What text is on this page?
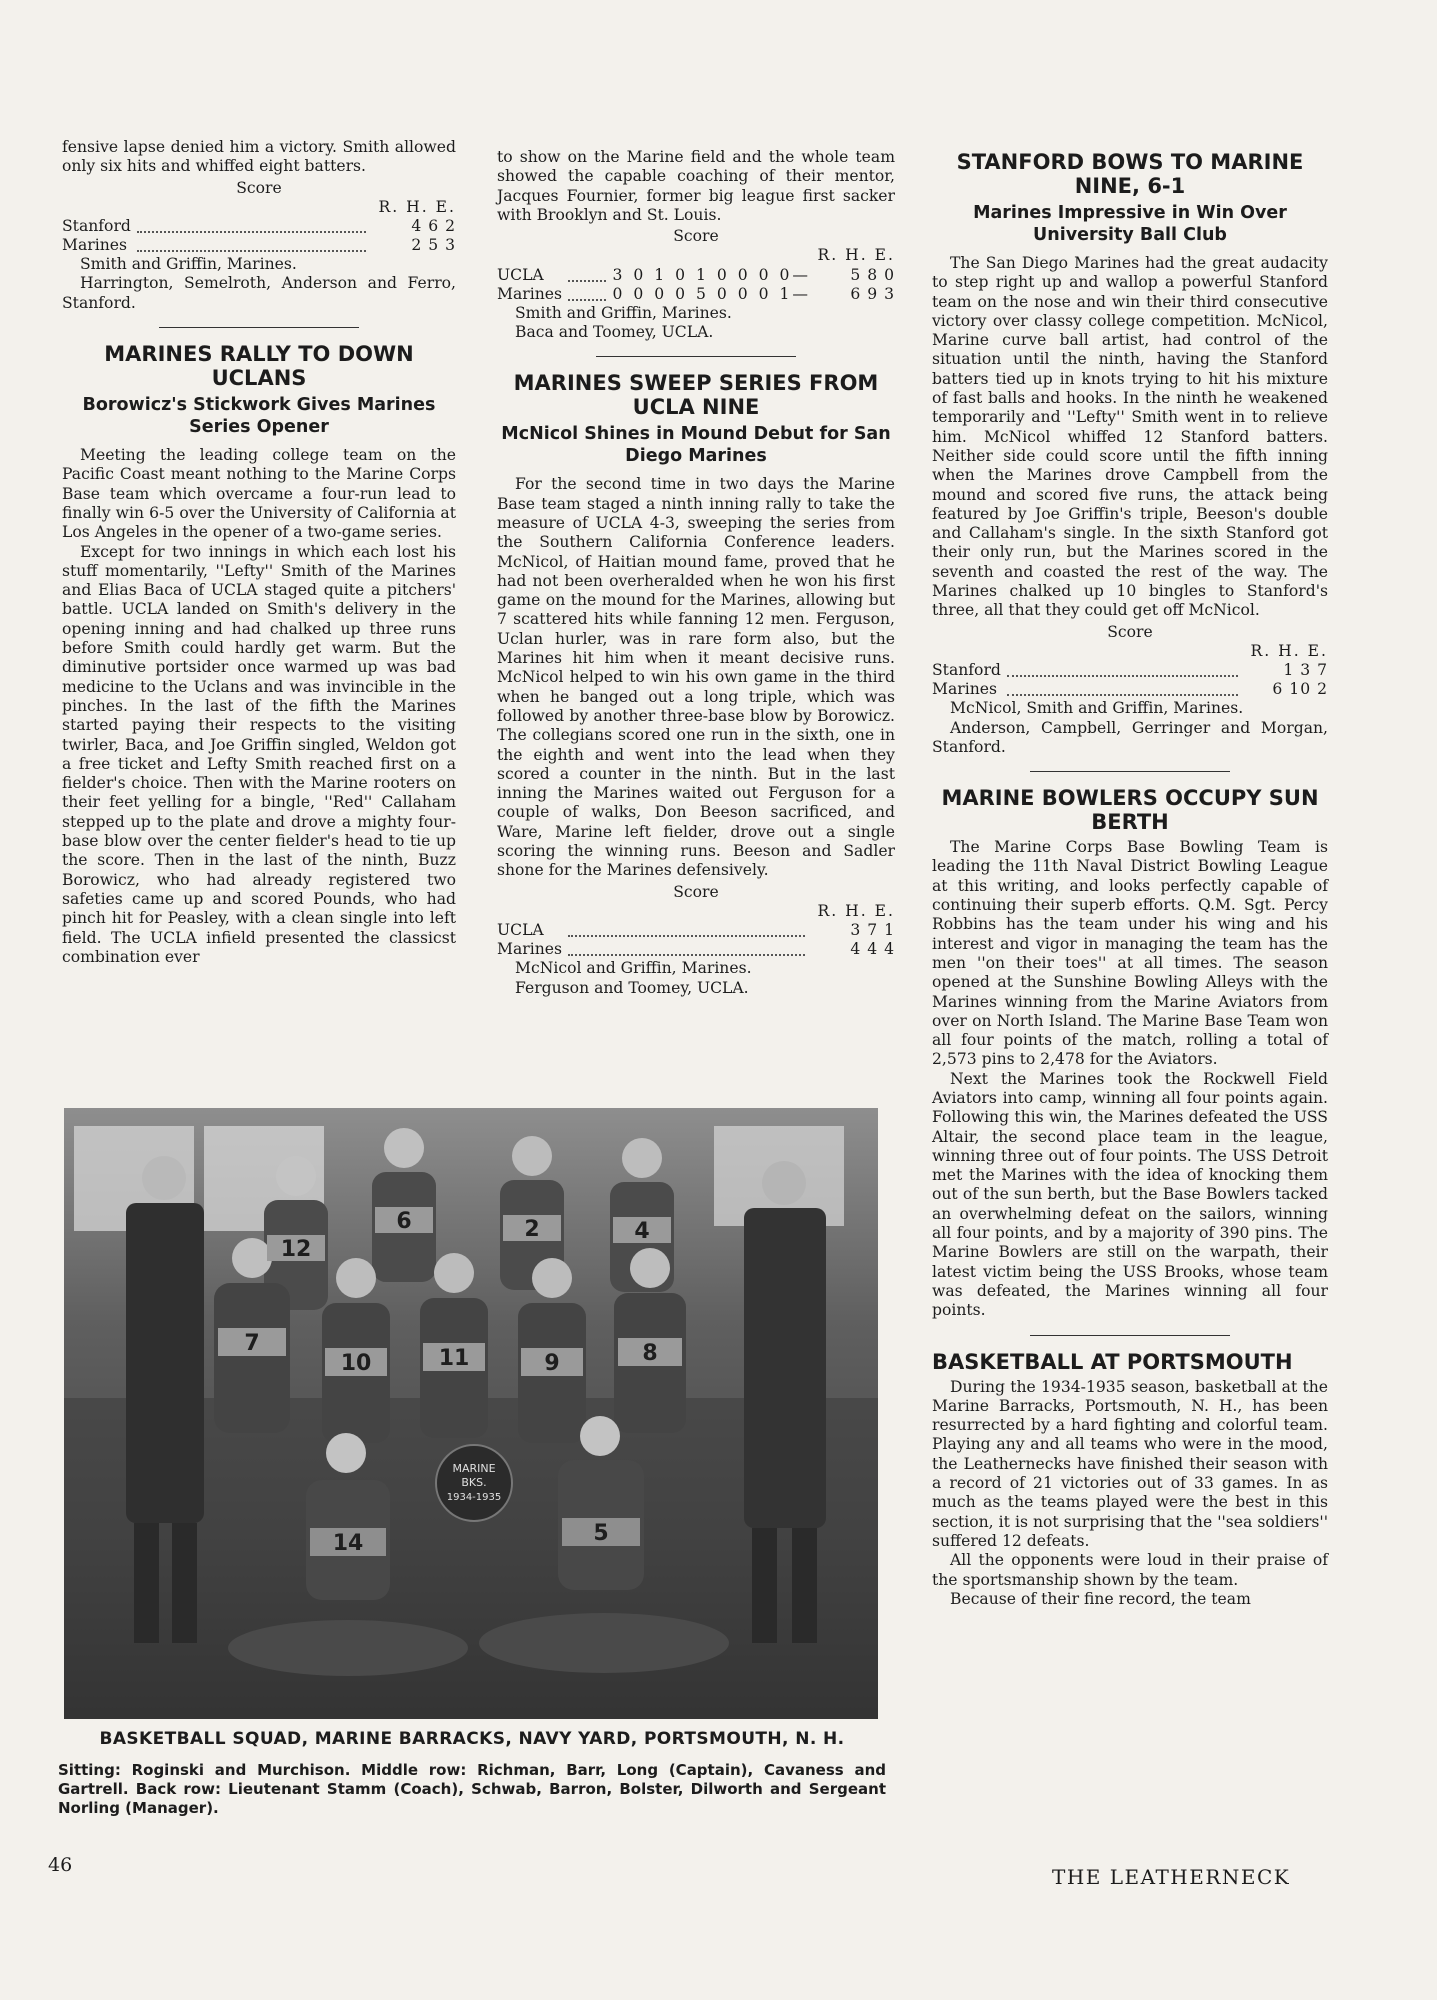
fensive lapse denied him a victory. Smith allowed only six hits and whiffed eight batters.

Score
R. H. E.
Stanford		4 6 2
Marines		2 5 3

Smith and Griffin, Marines.

Harrington, Semelroth, Anderson and Ferro, Stanford.

MARINES RALLY TO DOWN UCLANS
Borowicz's Stickwork Gives Marines Series Opener

Meeting the leading college team on the Pacific Coast meant nothing to the Marine Corps Base team which overcame a four-run lead to finally win 6-5 over the University of California at Los Angeles in the opener of a two-game series.

Except for two innings in which each lost his stuff momentarily, ''Lefty'' Smith of the Marines and Elias Baca of UCLA staged quite a pitchers' battle. UCLA landed on Smith's delivery in the opening inning and had chalked up three runs before Smith could hardly get warm. But the diminutive portsider once warmed up was bad medicine to the Uclans and was invincible in the pinches. In the last of the fifth the Marines started paying their respects to the visiting twirler, Baca, and Joe Griffin singled, Weldon got a free ticket and Lefty Smith reached first on a fielder's choice. Then with the Marine rooters on their feet yelling for a bingle, ''Red'' Callaham stepped up to the plate and drove a mighty four-base blow over the center fielder's head to tie up the score. Then in the last of the ninth, Buzz Borowicz, who had already registered two safeties came up and scored Pounds, who had pinch hit for Peasley, with a clean single into left field. The UCLA infield presented the classicst combination ever

to show on the Marine field and the whole team showed the capable coaching of their mentor, Jacques Fournier, former big league first sacker with Brooklyn and St. Louis.

Score
R. H. E.
UCLA		3 0 1 0 1 0 0 0 0—	5 8 0
Marines		0 0 0 0 5 0 0 0 1—	6 9 3

Smith and Griffin, Marines.

Baca and Toomey, UCLA.

MARINES SWEEP SERIES FROM UCLA NINE
McNicol Shines in Mound Debut for San Diego Marines

For the second time in two days the Marine Base team staged a ninth inning rally to take the measure of UCLA 4-3, sweeping the series from the Southern California Conference leaders. McNicol, of Haitian mound fame, proved that he had not been overheralded when he won his first game on the mound for the Marines, allowing but 7 scattered hits while fanning 12 men. Ferguson, Uclan hurler, was in rare form also, but the Marines hit him when it meant decisive runs. McNicol helped to win his own game in the third when he banged out a long triple, which was followed by another three-base blow by Borowicz. The collegians scored one run in the sixth, one in the eighth and went into the lead when they scored a counter in the ninth. But in the last inning the Marines waited out Ferguson for a couple of walks, Don Beeson sacrificed, and Ware, Marine left fielder, drove out a single scoring the winning runs. Beeson and Sadler shone for the Marines defensively.

Score
R. H. E.
UCLA		3 7 1
Marines		4 4 4

McNicol and Griffin, Marines.

Ferguson and Toomey, UCLA.

STANFORD BOWS TO MARINE NINE, 6-1
Marines Impressive in Win Over University Ball Club

The San Diego Marines had the great audacity to step right up and wallop a powerful Stanford team on the nose and win their third consecutive victory over classy college competition. McNicol, Marine curve ball artist, had control of the situation until the ninth, having the Stanford batters tied up in knots trying to hit his mixture of fast balls and hooks. In the ninth he weakened temporarily and ''Lefty'' Smith went in to relieve him. McNicol whiffed 12 Stanford batters. Neither side could score until the fifth inning when the Marines drove Campbell from the mound and scored five runs, the attack being featured by Joe Griffin's triple, Beeson's double and Callaham's single. In the sixth Stanford got their only run, but the Marines scored in the seventh and coasted the rest of the way. The Marines chalked up 10 bingles to Stanford's three, all that they could get off McNicol.

Score
R. H. E.
Stanford		1 3 7
Marines		6 10 2

McNicol, Smith and Griffin, Marines.

Anderson, Campbell, Gerringer and Morgan, Stanford.

MARINE BOWLERS OCCUPY SUN BERTH

The Marine Corps Base Bowling Team is leading the 11th Naval District Bowling League at this writing, and looks perfectly capable of continuing their superb efforts. Q.M. Sgt. Percy Robbins has the team under his wing and his interest and vigor in managing the team has the men ''on their toes'' at all times. The season opened at the Sunshine Bowling Alleys with the Marines winning from the Marine Aviators from over on North Island. The Marine Base Team won all four points of the match, rolling a total of 2,573 pins to 2,478 for the Aviators.

Next the Marines took the Rockwell Field Aviators into camp, winning all four points again. Following this win, the Marines defeated the USS Altair, the second place team in the league, winning three out of four points. The USS Detroit met the Marines with the idea of knocking them out of the sun berth, but the Base Bowlers tacked an overwhelming defeat on the sailors, winning all four points, and by a majority of 390 pins. The Marine Bowlers are still on the warpath, their latest victim being the USS Brooks, whose team was defeated, the Marines winning all four points.

BASKETBALL AT PORTSMOUTH

During the 1934-1935 season, basketball at the Marine Barracks, Portsmouth, N. H., has been resurrected by a hard fighting and colorful team. Playing any and all teams who were in the mood, the Leathernecks have finished their season with a record of 21 victories out of 33 games. In as much as the teams played were the best in this section, it is not surprising that the ''sea soldiers'' suffered 12 defeats.

All the opponents were loud in their praise of the sportsmanship shown by the team.

Because of their fine record, the team

12
6	2	4
7
10	11	9	8
14	5
MARINE
BKS.
1934-1935
BASKETBALL SQUAD, MARINE BARRACKS, NAVY YARD, PORTSMOUTH, N. H.
Sitting: Roginski and Murchison. Middle row: Richman, Barr, Long (Captain), Cavaness and Gartrell. Back row: Lieutenant Stamm (Coach), Schwab, Barron, Bolster, Dilworth and Sergeant Norling (Manager).
46	THE LEATHERNECK
